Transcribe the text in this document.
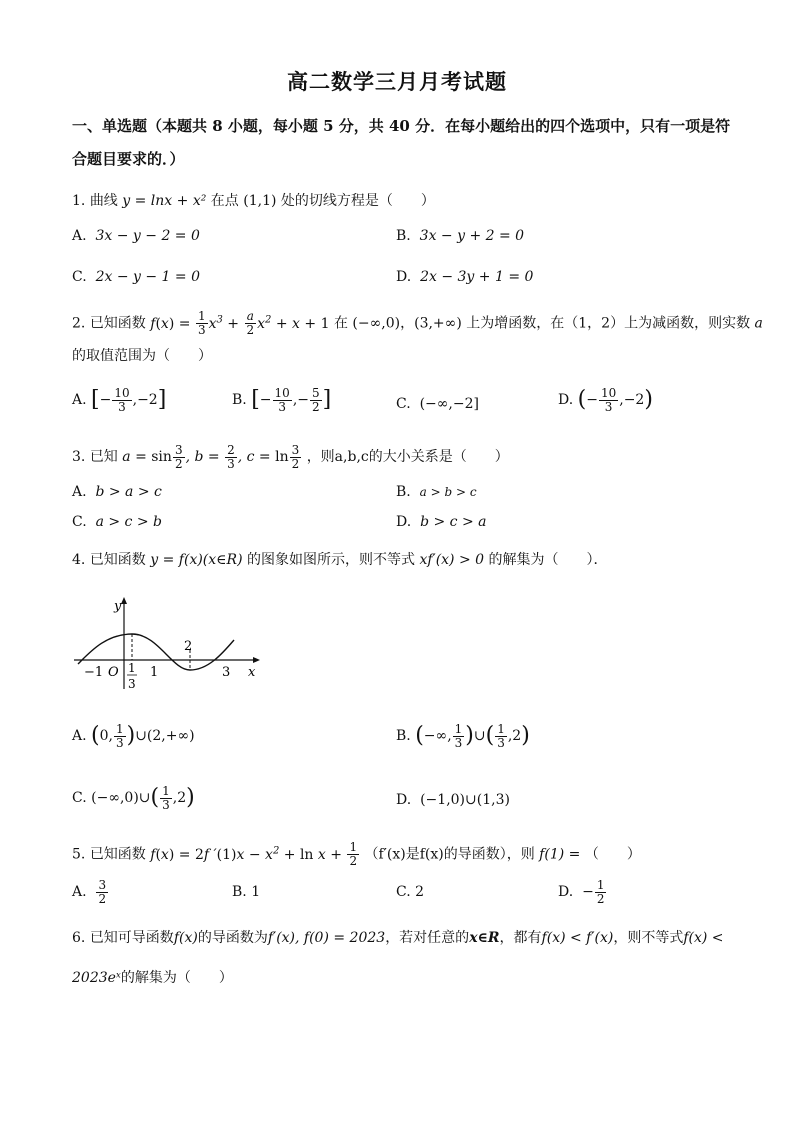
高二数学三月月考试题
一、单选题（本题共 8 小题，每小题 5 分，共 40 分．在每小题给出的四个选项中，只有一项是符合题目要求的．）
1. 曲线 y = lnx + x² 在点 (1,1) 处的切线方程是（　　）
A. 3x − y − 2 = 0	B. 3x − y + 2 = 0
C. 2x − y − 1 = 0	D. 2x − 3y + 1 = 0
2. 已知函数 $f(x) = \frac{1}{3} x^3 + \frac{a}{2} x^2 + x + 1$ 在 (−∞,0)，(3,+∞) 上为增函数，在（1，2）上为减函数，则实数 a
的取值范围为（　　）
A. [− $\frac{10}{3} ,-2$]	B. [− $\frac{10}{3}$ ,− $\frac{5}{2}$ ]	C. (−∞,−2]	D. (− $\frac{10}{3} ,-2$)
3. 已知 $a = \sin \frac{3}{2}$ , $b = \frac{2}{3}$ , $c = \ln \frac{3}{2}$ ，则a,b,c的大小关系是（　　）
A. b > a > c	B. a > b > c
C. a > c > b	D. b > c > a
4. 已知函数 y = f(x)(x∈R) 的图象如图所示，则不等式 xf′(x) > 0 的解集为（　　）．
y
x
O
−1	1
2
3
1
3
A. (0, $\frac{1}{3}$ )∪(2,+∞)	B. (−∞, $\frac{1}{3}$ )∪( $\frac{1}{3} ,2$)
C. (−∞,0)∪( $\frac{1}{3} ,2$)	D. (−1,0)∪(1,3)
5. 已知函数 f(x) = 2f $'(1)x - x^2 + \ln x + \frac{1}{2} (f'(x)$是f(x)的导函数），则 f(1) = （　　）
A. $\frac{3}{2}$	B. 1	C. 2	D. − $\frac{1}{2}$
6. 已知可导函数f(x)的导函数为f′(x), f(0) = 2023，若对任意的x∈R，都有f(x) < f′(x)，则不等式f(x) < 2023eˣ的解集为（　　）
